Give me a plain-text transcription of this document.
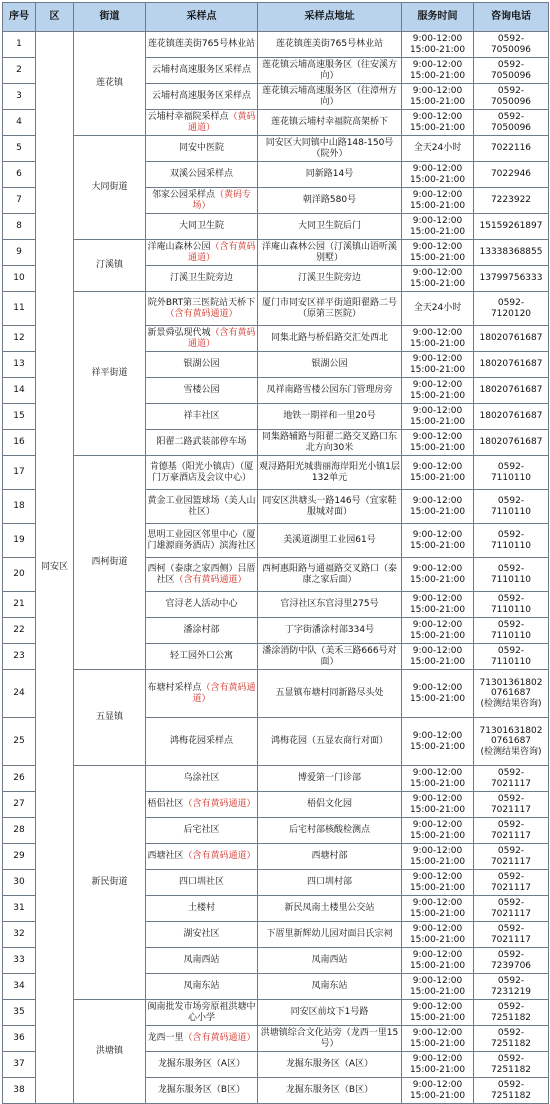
序号	区	街道	采样点	采样点地址	服务时间	咨询电话
1	同安区	莲花镇	莲花镇莲美街765号林业站	莲花镇莲美街765号林业站	9:00-12:00
15:00-21:00	0592-
7050096
2			云埔村高速服务区采样点	莲花镇云埔高速服务区（往安溪方向）	9:00-12:00
15:00-21:00	0592-
7050096
3			云埔村高速服务区采样点	莲花镇云埔高速服务区（往漳州方向）	9:00-12:00
15:00-21:00	0592-
7050096
4			云埔村幸福院采样点（黄码通道）	莲花镇云埔村幸福院高架桥下	9:00-12:00
15:00-21:00	0592-
7050096
5		大同街道	同安中医院	同安区大同镇中山路148-150号（院外）	全天24小时	7022116
6			双溪公园采样点	同新路14号	9:00-12:00
15:00-21:00	7022946
7			邻家公园采样点（黄码专场）	朝洋路580号	9:00-12:00
15:00-21:00	7223922
8			大同卫生院	大同卫生院后门	9:00-12:00
15:00-21:00	15159261897
9		汀溪镇	洋庵山森林公园（含有黄码通道）	洋庵山森林公园（汀溪镇山语听溪别墅）	9:00-12:00
15:00-21:00	13338368855
10			汀溪卫生院旁边	汀溪卫生院旁边	9:00-12:00
15:00-21:00	13799756333
11		祥平街道	院外BRT第三医院站天桥下（含有黄码通道）	厦门市同安区祥平街道阳翟路二号（原第三医院）	全天24小时	0592-
7120120
12			新景舜弘现代城（含有黄码通道）	同集北路与桥侣路交汇处西北	9:00-12:00
15:00-21:00	18020761687
13			银湖公园	银湖公园	9:00-12:00
15:00-21:00	18020761687
14			雪楼公园	凤祥南路雪楼公园东门管理房旁	9:00-12:00
15:00-21:00	18020761687
15			祥丰社区	地铁一期祥和一里20号	9:00-12:00
15:00-21:00	18020761687
16			阳翟二路武装部停车场	同集路辅路与阳翟二路交叉路口东北方向30米	9:00-12:00
15:00-21:00	18020761687
17		西柯街道	肯德基（阳光小镇店）（厦门万豪酒店及会议中心）	观浔路阳光城翡丽海岸阳光小镇1层132单元	9:00-12:00
15:00-21:00	0592-
7110110
18			黄金工业园篮球场（美人山社区）	同安区洪塘头一路146号（宜家鞋服城对面）	9:00-12:00
15:00-21:00	0592-
7110110
19			思明工业园区邻里中心（厦门雄源商务酒店）滨海社区	美溪道湖里工业园61号	9:00-12:00
15:00-21:00	0592-
7110110
20			西柯（泰康之家西侧）吕厝社区（含有黄码通道）	西柯惠阳路与通福路交叉路口（泰康之家后面）	9:00-12:00
15:00-21:00	0592-
7110110
21			官浔老人活动中心	官浔社区东官浔里275号	9:00-12:00
15:00-21:00	0592-
7110110
22			潘涂村部	丁字街潘涂村部334号	9:00-12:00
15:00-21:00	0592-
7110110
23			轻工园外口公寓	潘涂消防中队（美禾三路666号对面）	9:00-12:00
15:00-21:00	0592-
7110110
24		五显镇	布塘村采样点（含有黄码通道）	五显镇布塘村同新路尽头处	9:00-12:00
15:00-21:00	71301361802
0761687
(检测结果咨询)
25			鸿梅花园采样点	鸿梅花园（五显农商行对面）	9:00-12:00
15:00-21:00	71301631802
0761687
(检测结果咨询)
26		新民街道	乌涂社区	博爱第一门诊部	9:00-12:00
15:00-21:00	0592-
7021117
27			梧侣社区（含有黄码通道）	梧侣文化园	9:00-12:00
15:00-21:00	0592-
7021117
28			后宅社区	后宅村部核酸检测点	9:00-12:00
15:00-21:00	0592-
7021117
29			西塘社区（含有黄码通道）	西塘村部	9:00-12:00
15:00-21:00	0592-
7021117
30			四口圳社区	四口圳村部	9:00-12:00
15:00-21:00	0592-
7021117
31			土楼村	新民凤南土楼里公交站	9:00-12:00
15:00-21:00	0592-
7021117
32			湖安社区	下厝里新辉幼儿园对面吕氏宗祠	9:00-12:00
15:00-21:00	0592-
7021117
33			凤南西站	凤南西站	9:00-12:00
15:00-21:00	0592-
7239706
34			凤南东站	凤南东站	9:00-12:00
15:00-21:00	0592-
7231219
35		洪塘镇	闽南批发市场旁原祖洪塘中心小学	同安区前坟下1号路	9:00-12:00
15:00-21:00	0592-
7251182
36			龙西一里（含有黄码通道）	洪塘镇综合文化站旁（龙西一里15号）	9:00-12:00
15:00-21:00	0592-
7251182
37			龙掘东服务区（A区）	龙掘东服务区（A区）	9:00-12:00
15:00-21:00	0592-
7251182
38			龙掘东服务区（B区）	龙掘东服务区（B区）	9:00-12:00
15:00-21:00	0592-
7251182
